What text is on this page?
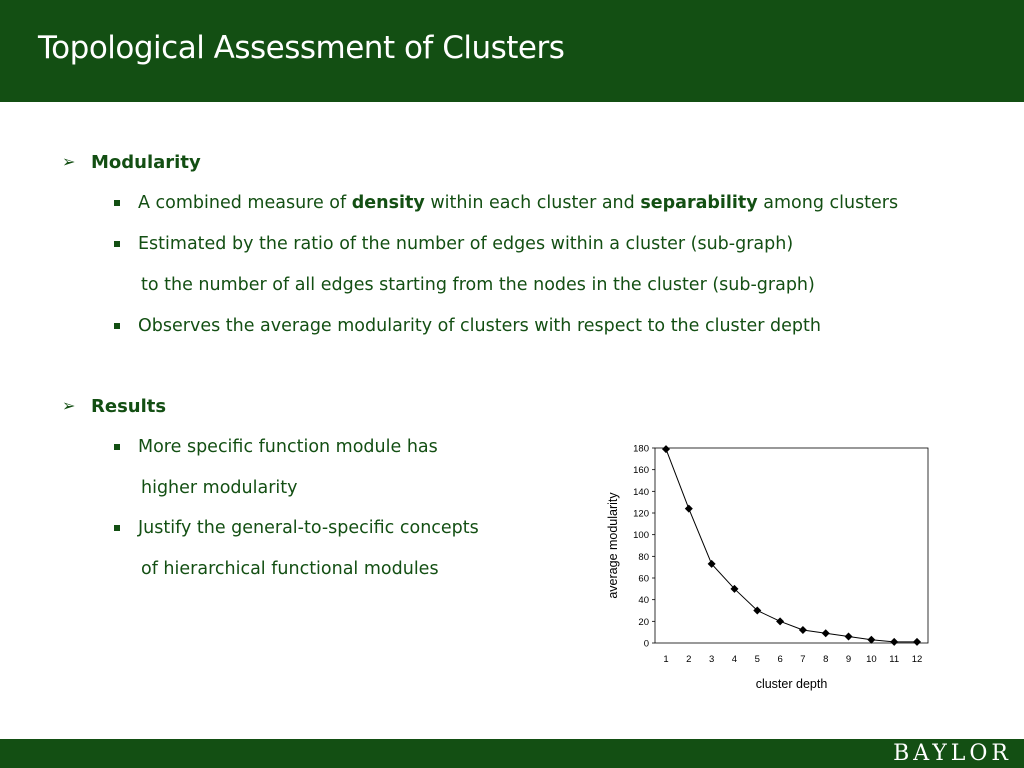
Topological Assessment of Clusters
➢ Modularity
A combined measure of density within each cluster and separability among clusters
Estimated by the ratio of the number of edges within a cluster (sub-graph)
to the number of all edges starting from the nodes in the cluster (sub-graph)
Observes the average modularity of clusters with respect to the cluster depth
➢ Results
More specific function module has
higher modularity
Justify the general-to-specific concepts
of hierarchical functional modules
0
20
40
60
80
100
120
140
160
180
1 2 3 4 5 6 7 8 9 10 11 12
cluster depth
average modularity
BAYLOR
